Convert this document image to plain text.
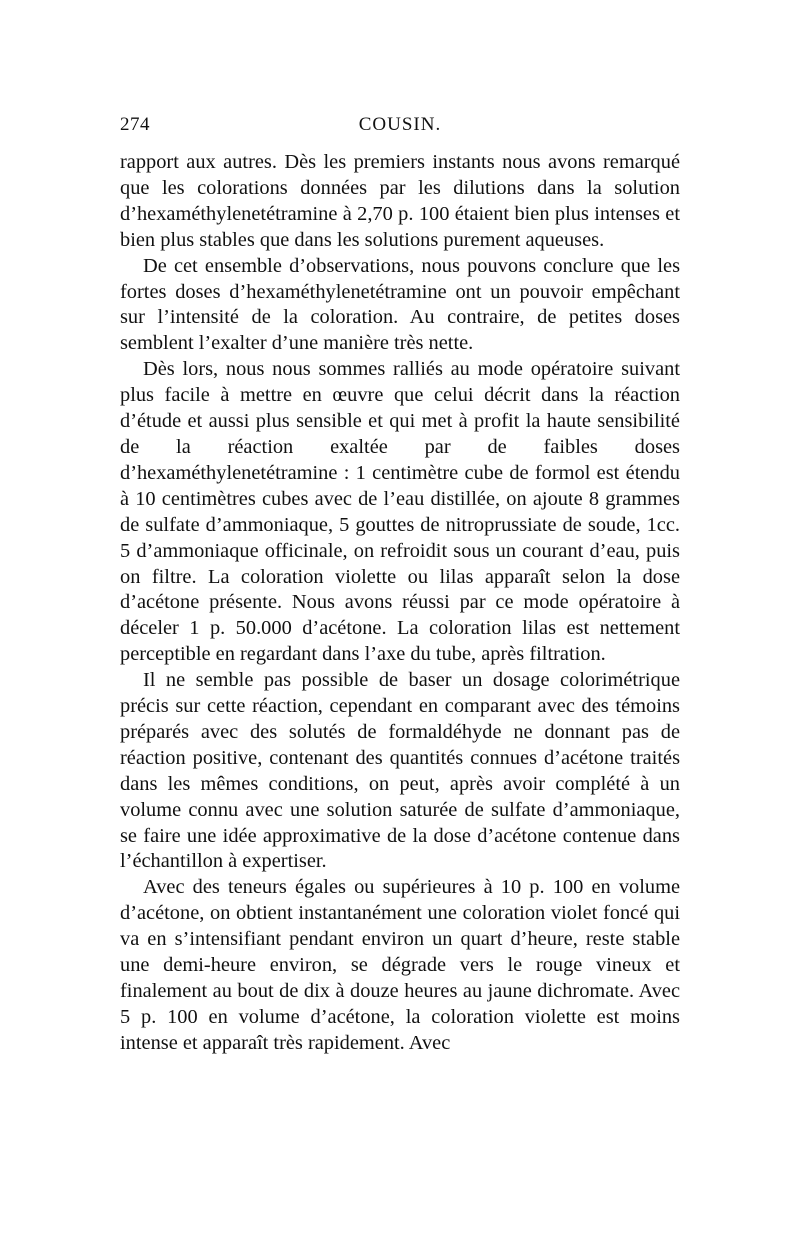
274	COUSIN.

rapport aux autres. Dès les premiers instants nous avons remarqué que les colorations données par les dilutions dans la solution d’hexaméthylenetétramine à 2,70 p. 100 étaient bien plus intenses et bien plus stables que dans les solutions purement aqueuses.

De cet ensemble d’observations, nous pouvons conclure que les fortes doses d’hexaméthylenetétramine ont un pouvoir empêchant sur l’intensité de la coloration. Au contraire, de petites doses semblent l’exalter d’une manière très nette.

Dès lors, nous nous sommes ralliés au mode opératoire suivant plus facile à mettre en œuvre que celui décrit dans la réaction d’étude et aussi plus sensible et qui met à profit la haute sensibilité de la réaction exaltée par de faibles doses d’hexaméthylenetétramine : 1 centimètre cube de formol est étendu à 10 centimètres cubes avec de l’eau distillée, on ajoute 8 grammes de sulfate d’ammoniaque, 5 gouttes de nitroprussiate de soude, 1cc. 5 d’ammoniaque officinale, on refroidit sous un courant d’eau, puis on filtre. La coloration violette ou lilas apparaît selon la dose d’acétone présente. Nous avons réussi par ce mode opératoire à déceler 1 p. 50.000 d’acétone. La coloration lilas est nettement perceptible en regardant dans l’axe du tube, après filtration.

Il ne semble pas possible de baser un dosage colorimétrique précis sur cette réaction, cependant en comparant avec des témoins préparés avec des solutés de formaldéhyde ne donnant pas de réaction positive, contenant des quantités connues d’acétone traités dans les mêmes conditions, on peut, après avoir complété à un volume connu avec une solution saturée de sulfate d’ammoniaque, se faire une idée approximative de la dose d’acétone contenue dans l’échantillon à expertiser.

Avec des teneurs égales ou supérieures à 10 p. 100 en volume d’acétone, on obtient instantanément une coloration violet foncé qui va en s’intensifiant pendant environ un quart d’heure, reste stable une demi-heure environ, se dégrade vers le rouge vineux et finalement au bout de dix à douze heures au jaune dichromate. Avec 5 p. 100 en volume d’acétone, la coloration violette est moins intense et apparaît très rapidement. Avec
